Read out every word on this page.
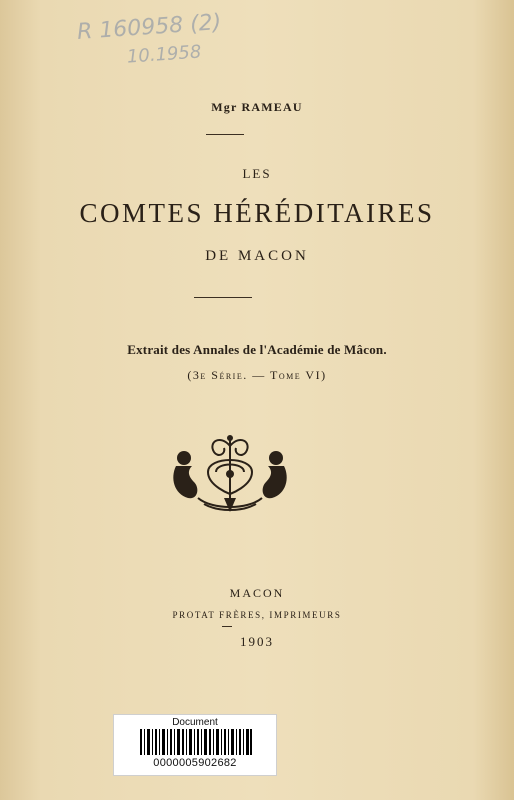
R 160958 (2)
10.1958
Mgr RAMEAU
LES
COMTES HÉRÉDITAIRES
DE MACON
Extrait des Annales de l'Académie de Mâcon.
(3e Série. — Tome VI)
MACON
PROTAT FRÈRES, IMPRIMEURS
1903
Document
0000005902682
